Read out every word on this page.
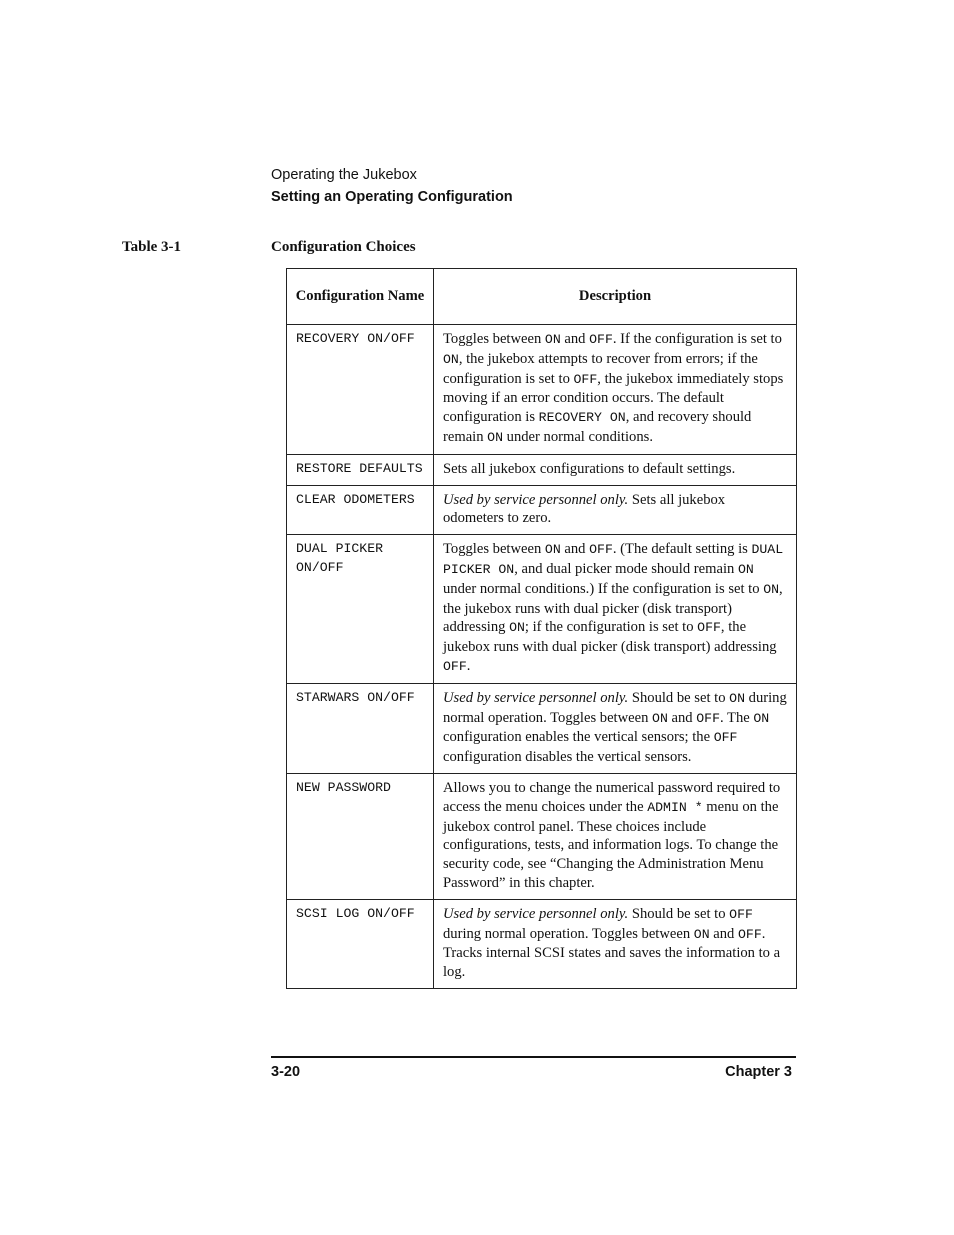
Operating the Jukebox
Setting an Operating Configuration
Table 3-1	Configuration Choices
Configuration Name	Description
RECOVERY ON/OFF	Toggles between ON and OFF. If the configuration is set to ON, the jukebox attempts to recover from errors; if the configuration is set to OFF, the jukebox immediately stops moving if an error condition occurs. The default configuration is RECOVERY ON, and recovery should remain ON under normal conditions.
RESTORE DEFAULTS	Sets all jukebox configurations to default settings.
CLEAR ODOMETERS	Used by service personnel only. Sets all jukebox odometers to zero.
DUAL PICKER ON/OFF	Toggles between ON and OFF. (The default setting is DUAL PICKER ON, and dual picker mode should remain ON under normal conditions.) If the configuration is set to ON, the jukebox runs with dual picker (disk transport) addressing ON; if the configuration is set to OFF, the jukebox runs with dual picker (disk transport) addressing OFF.
STARWARS ON/OFF	Used by service personnel only. Should be set to ON during normal operation. Toggles between ON and OFF. The ON configuration enables the vertical sensors; the OFF configuration disables the vertical sensors.
NEW PASSWORD	Allows you to change the numerical password required to access the menu choices under the ADMIN * menu on the jukebox control panel. These choices include configurations, tests, and information logs. To change the security code, see “Changing the Administration Menu Password” in this chapter.
SCSI LOG ON/OFF	Used by service personnel only. Should be set to OFF during normal operation. Toggles between ON and OFF. Tracks internal SCSI states and saves the information to a log.
3-20	Chapter 3
